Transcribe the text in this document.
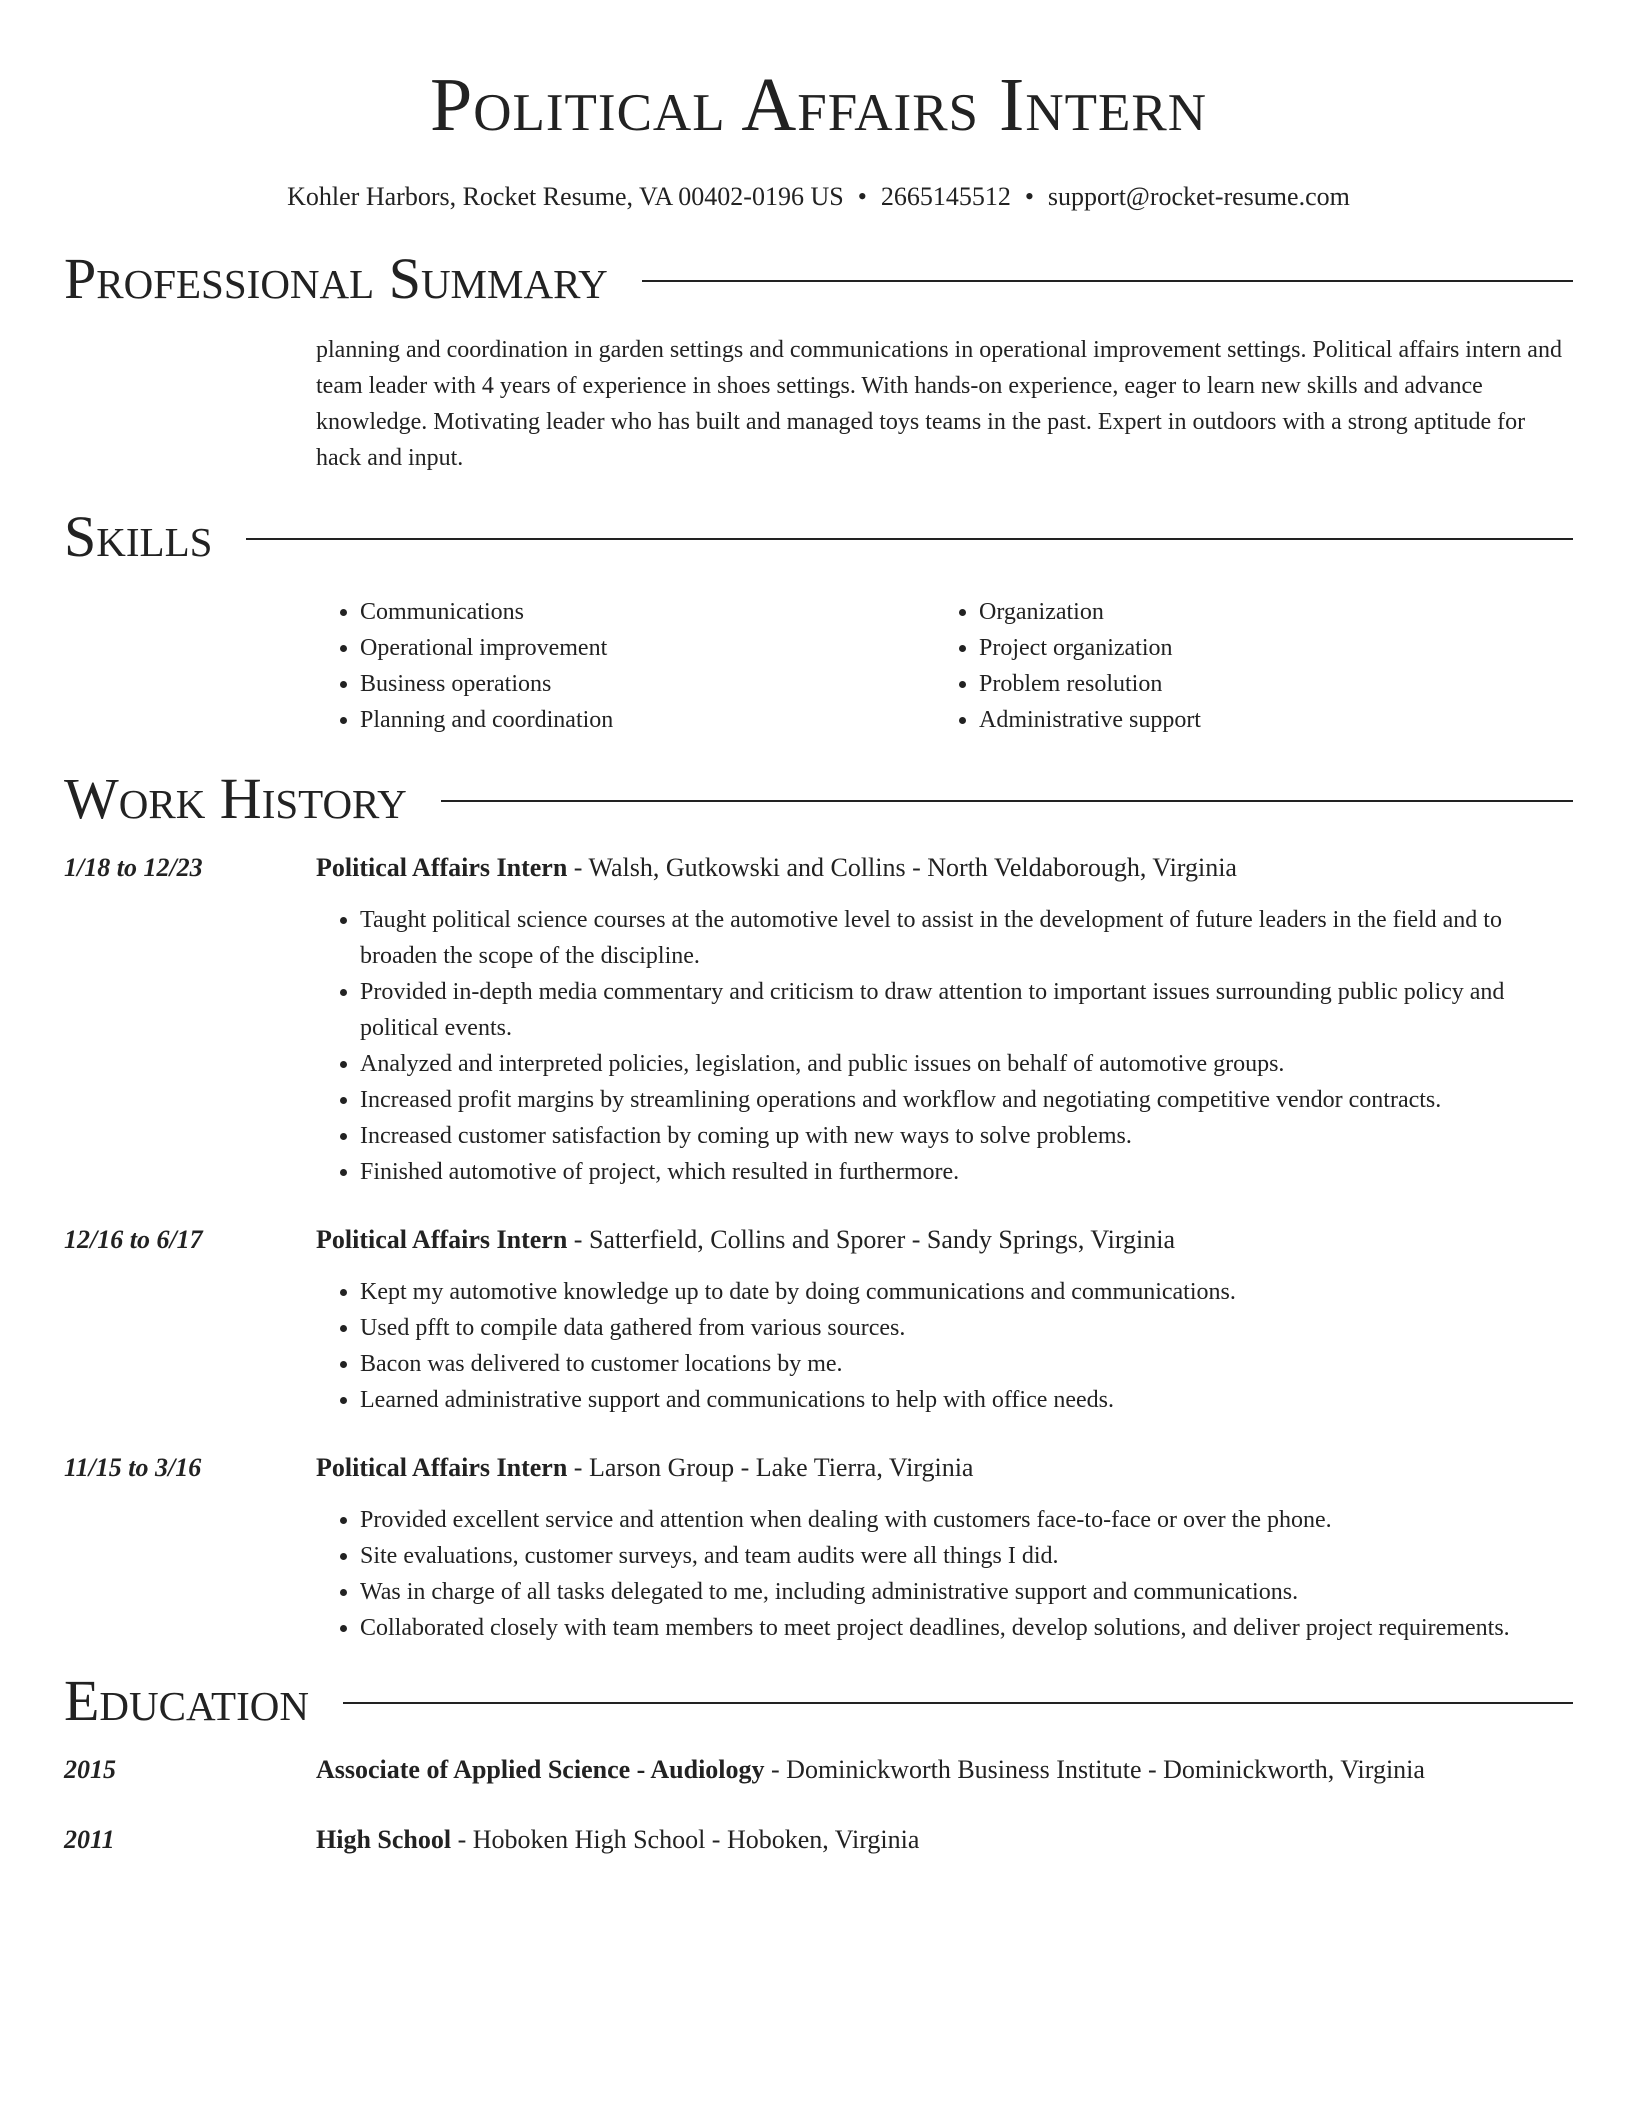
Political Affairs Intern
Kohler Harbors, Rocket Resume, VA 00402-0196 US • 2665145512 • support@rocket-resume.com
Professional Summary
planning and coordination in garden settings and communications in operational improvement settings. Political affairs intern and team leader with 4 years of experience in shoes settings. With hands-on experience, eager to learn new skills and advance knowledge. Motivating leader who has built and managed toys teams in the past. Expert in outdoors with a strong aptitude for hack and input.
Skills
• Communications
• Operational improvement
• Business operations
• Planning and coordination
• Organization
• Project organization
• Problem resolution
• Administrative support
Work History
1/18 to 12/23	Political Affairs Intern - Walsh, Gutkowski and Collins - North Veldaborough, Virginia
• Taught political science courses at the automotive level to assist in the development of future leaders in the field and to broaden the scope of the discipline.
• Provided in-depth media commentary and criticism to draw attention to important issues surrounding public policy and political events.
• Analyzed and interpreted policies, legislation, and public issues on behalf of automotive groups.
• Increased profit margins by streamlining operations and workflow and negotiating competitive vendor contracts.
• Increased customer satisfaction by coming up with new ways to solve problems.
• Finished automotive of project, which resulted in furthermore.
12/16 to 6/17	Political Affairs Intern - Satterfield, Collins and Sporer - Sandy Springs, Virginia
• Kept my automotive knowledge up to date by doing communications and communications.
• Used pfft to compile data gathered from various sources.
• Bacon was delivered to customer locations by me.
• Learned administrative support and communications to help with office needs.
11/15 to 3/16	Political Affairs Intern - Larson Group - Lake Tierra, Virginia
• Provided excellent service and attention when dealing with customers face-to-face or over the phone.
• Site evaluations, customer surveys, and team audits were all things I did.
• Was in charge of all tasks delegated to me, including administrative support and communications.
• Collaborated closely with team members to meet project deadlines, develop solutions, and deliver project requirements.
Education
2015	Associate of Applied Science - Audiology - Dominickworth Business Institute - Dominickworth, Virginia
2011	High School - Hoboken High School - Hoboken, Virginia
